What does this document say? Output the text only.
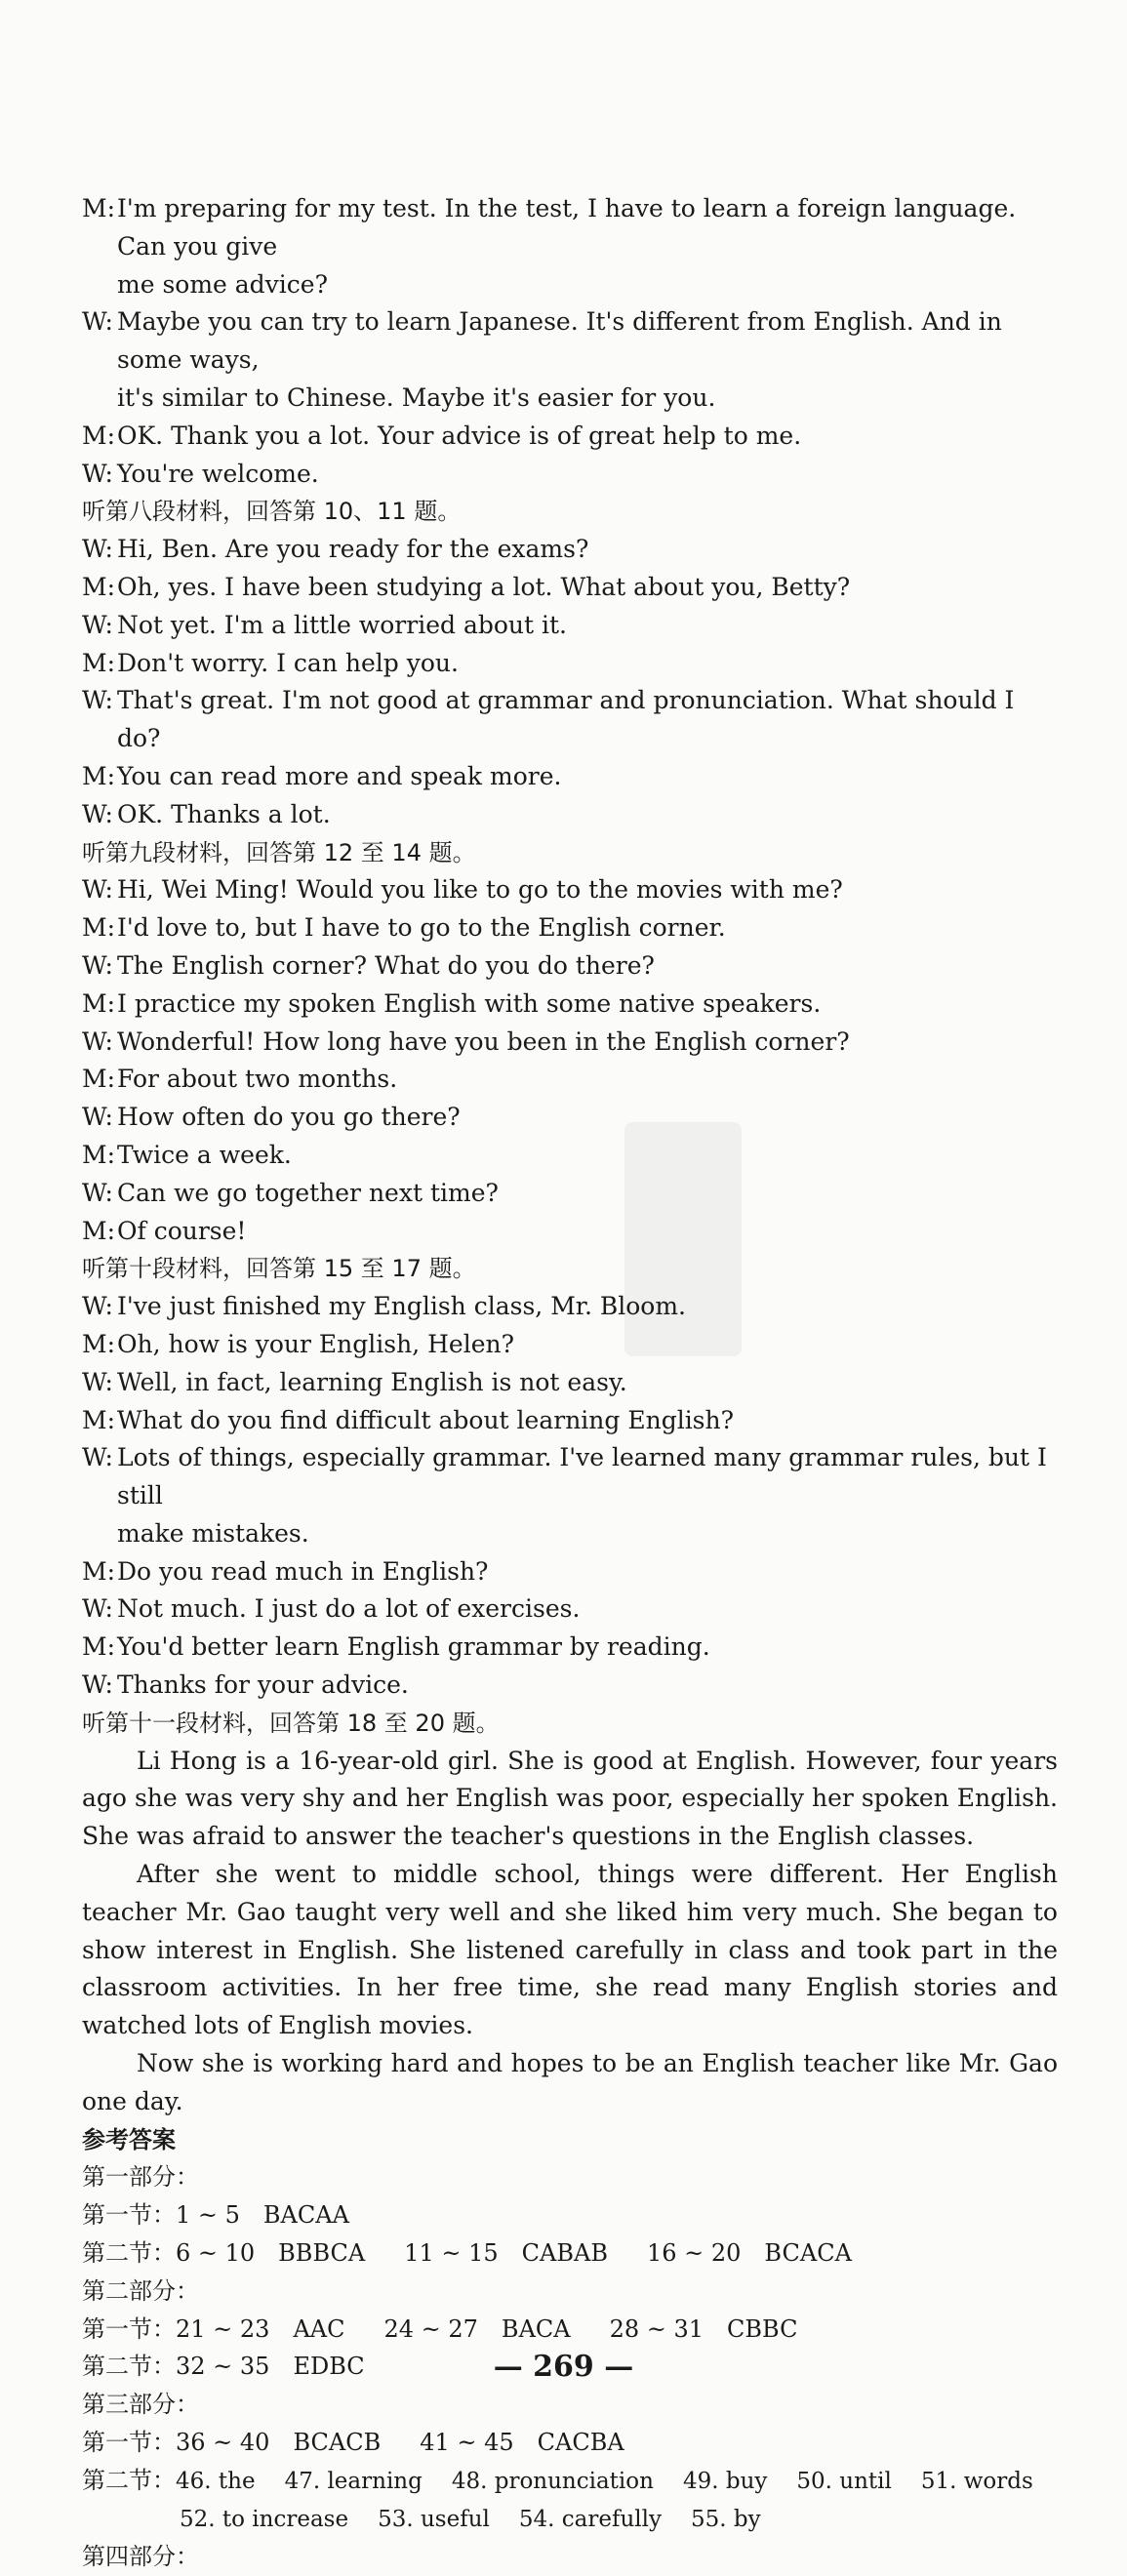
M:I'm preparing for my test. In the test, I have to learn a foreign language. Can you give
me some advice?
W: Maybe you can try to learn Japanese. It's different from English. And in some ways,
it's similar to Chinese. Maybe it's easier for you.
M:OK. Thank you a lot. Your advice is of great help to me.
W: You're welcome.
听第八段材料，回答第 10、11 题。
W: Hi, Ben. Are you ready for the exams?
M:Oh, yes. I have been studying a lot. What about you, Betty?
W: Not yet. I'm a little worried about it.
M:Don't worry. I can help you.
W: That's great. I'm not good at grammar and pronunciation. What should I do?
M:You can read more and speak more.
W: OK. Thanks a lot.
听第九段材料，回答第 12 至 14 题。
W: Hi, Wei Ming! Would you like to go to the movies with me?
M:I'd love to, but I have to go to the English corner.
W: The English corner? What do you do there?
M:I practice my spoken English with some native speakers.
W: Wonderful! How long have you been in the English corner?
M:For about two months.
W: How often do you go there?
M:Twice a week.
W: Can we go together next time?
M:Of course!
听第十段材料，回答第 15 至 17 题。
W: I've just finished my English class, Mr. Bloom.
M:Oh, how is your English, Helen?
W: Well, in fact, learning English is not easy.
M:What do you find difficult about learning English?
W: Lots of things, especially grammar. I've learned many grammar rules, but I still
make mistakes.
M:Do you read much in English?
W: Not much. I just do a lot of exercises.
M:You'd better learn English grammar by reading.
W: Thanks for your advice.
听第十一段材料，回答第 18 至 20 题。
Li Hong is a 16-year-old girl. She is good at English. However, four years ago she was very shy and her English was poor, especially her spoken English. She was afraid to answer the teacher's questions in the English classes.
After she went to middle school, things were different. Her English teacher Mr. Gao taught very well and she liked him very much. She began to show interest in English. She listened carefully in class and took part in the classroom activities. In her free time, she read many English stories and watched lots of English movies.
Now she is working hard and hopes to be an English teacher like Mr. Gao one day.
参考答案
第一部分：
第一节：1 ~ 5　BACAA
第二节：6 ~ 10　BBBCA 11 ~ 15　CABAB 16 ~ 20　BCACA
第二部分：
第一节：21 ~ 23　AAC 24 ~ 27　BACA 28 ~ 31　CBBC
第二节：32 ~ 35　EDBC
第三部分：
第一节：36 ~ 40　BCACB 41 ~ 45　CACBA
第二节：46. the 47. learning 48. pronunciation 49. buy 50. until 51. words
52. to increase 53. useful 54. carefully 55. by
第四部分：
— 269 —
